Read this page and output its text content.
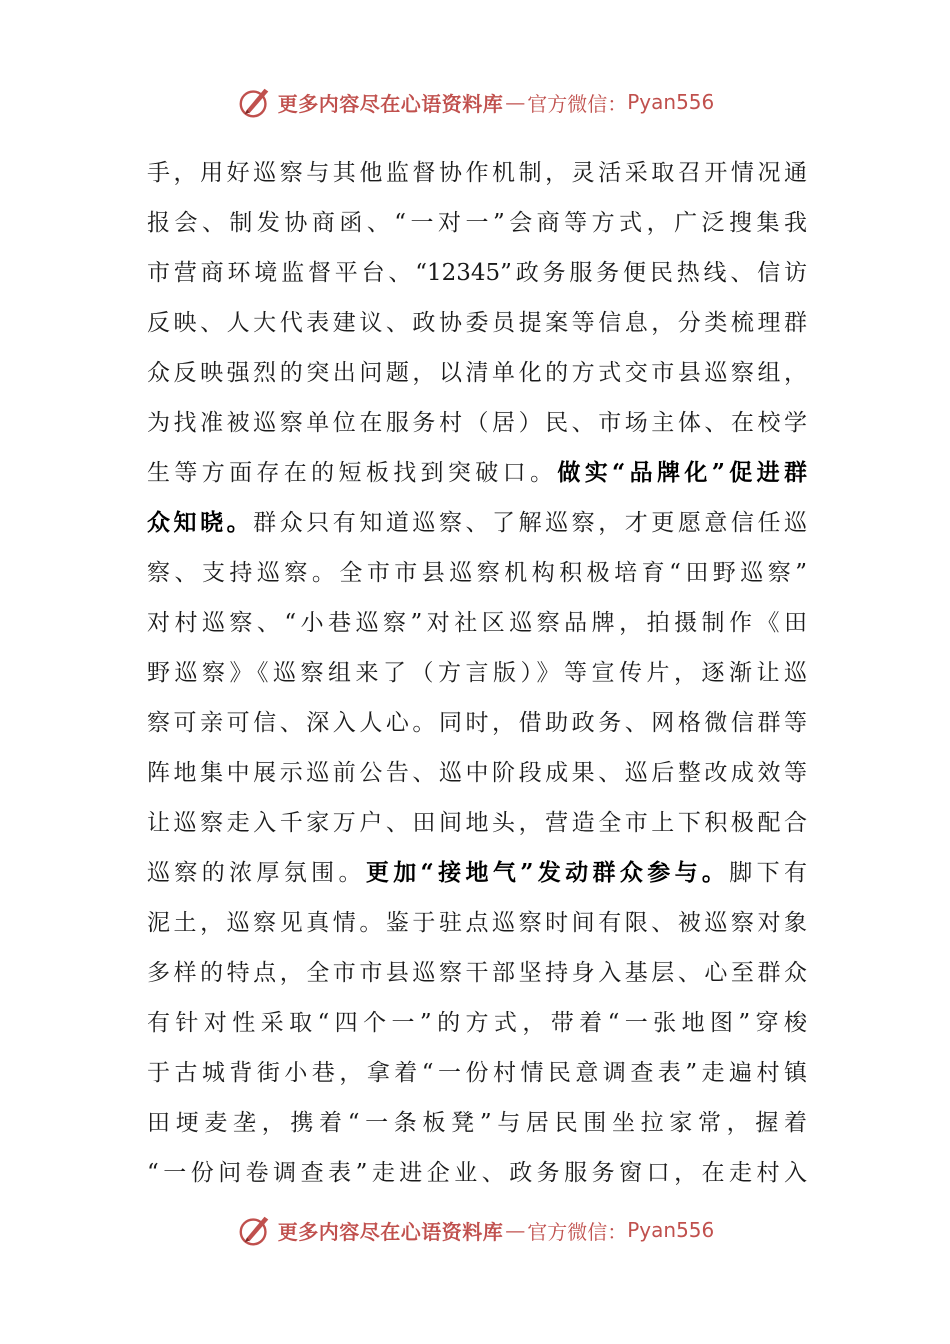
更多内容尽在心语资料库 — 官方微信： Pyan556
手，用好巡察与其他监督协作机制，灵活采取召开情况通
报会、制发协商函、“一对一”会商等方式，广泛搜集我
市营商环境监督平台、“12345”政务服务便民热线、信访
反映、人大代表建议、政协委员提案等信息，分类梳理群
众反映强烈的突出问题，以清单化的方式交市县巡察组，
为找准被巡察单位在服务村（居）民、市场主体、在校学
生等方面存在的短板找到突破口。做实“品牌化”促进群
众知晓。群众只有知道巡察、了解巡察，才更愿意信任巡
察、支持巡察。全市市县巡察机构积极培育“田野巡察”
对村巡察、“小巷巡察”对社区巡察品牌，拍摄制作《田
野巡察》《巡察组来了（方言版）》等宣传片，逐渐让巡
察可亲可信、深入人心。同时，借助政务、网格微信群等
阵地集中展示巡前公告、巡中阶段成果、巡后整改成效等
让巡察走入千家万户、田间地头，营造全市上下积极配合
巡察的浓厚氛围。更加“接地气”发动群众参与。脚下有
泥土，巡察见真情。鉴于驻点巡察时间有限、被巡察对象
多样的特点，全市市县巡察干部坚持身入基层、心至群众
有针对性采取“四个一”的方式，带着“一张地图”穿梭
于古城背街小巷，拿着“一份村情民意调查表”走遍村镇
田埂麦垄，携着“一条板凳”与居民围坐拉家常，握着
“一份问卷调查表”走进企业、政务服务窗口，在走村入
更多内容尽在心语资料库 — 官方微信： Pyan556
